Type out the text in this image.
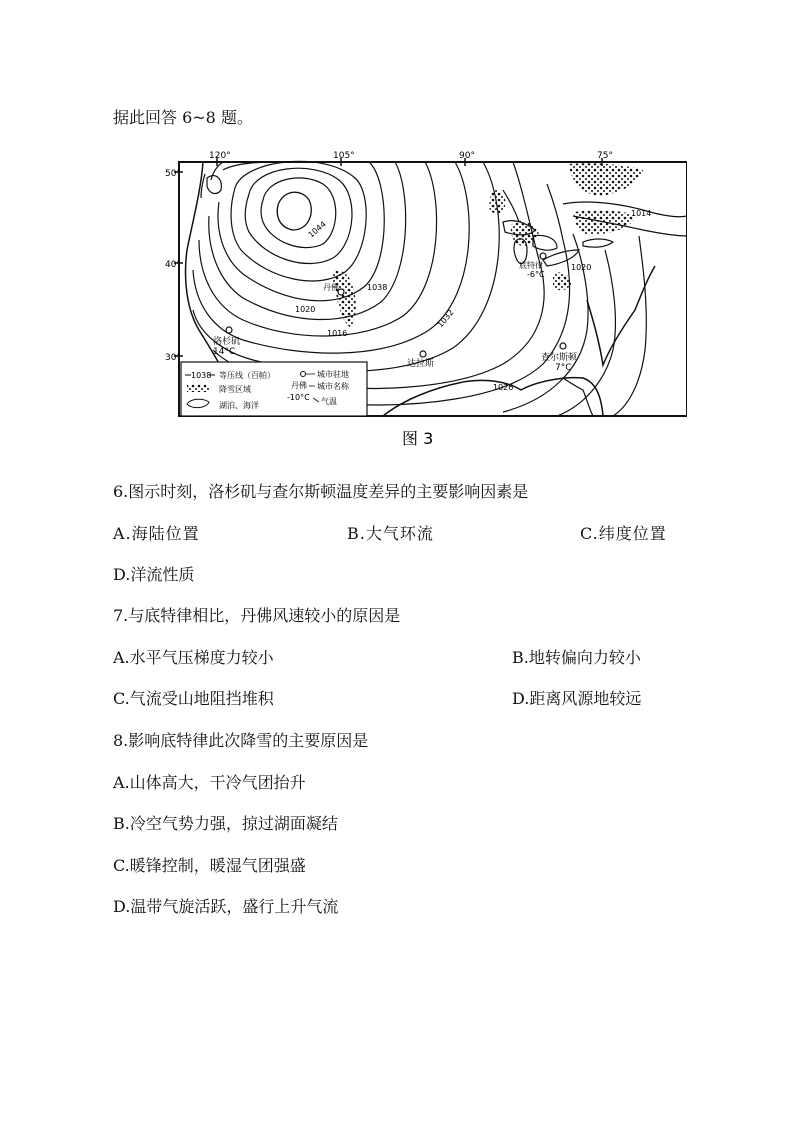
据此回答 6~8 题。
50°
40°
30°
120°	105°	90°	75°
1044
1038
1032
1020
1016
1026
1020
1014
洛杉矶
14°C
丹佛
达拉斯
查尔斯顿
7°C
底特律
-6°C
1038 等压线（百帕）
降雪区域
湖泊、海洋
城市驻地
丹佛 城市名称
-10°C 气温
图 3
6.图示时刻，洛杉矶与查尔斯顿温度差异的主要影响因素是
A.海陆位置	B.大气环流	C.纬度位置
D.洋流性质
7.与底特律相比，丹佛风速较小的原因是
A.水平气压梯度力较小	B.地转偏向力较小
C.气流受山地阻挡堆积	D.距离风源地较远
8.影响底特律此次降雪的主要原因是
A.山体高大，干冷气团抬升
B.冷空气势力强，掠过湖面凝结
C.暖锋控制，暖湿气团强盛
D.温带气旋活跃，盛行上升气流
